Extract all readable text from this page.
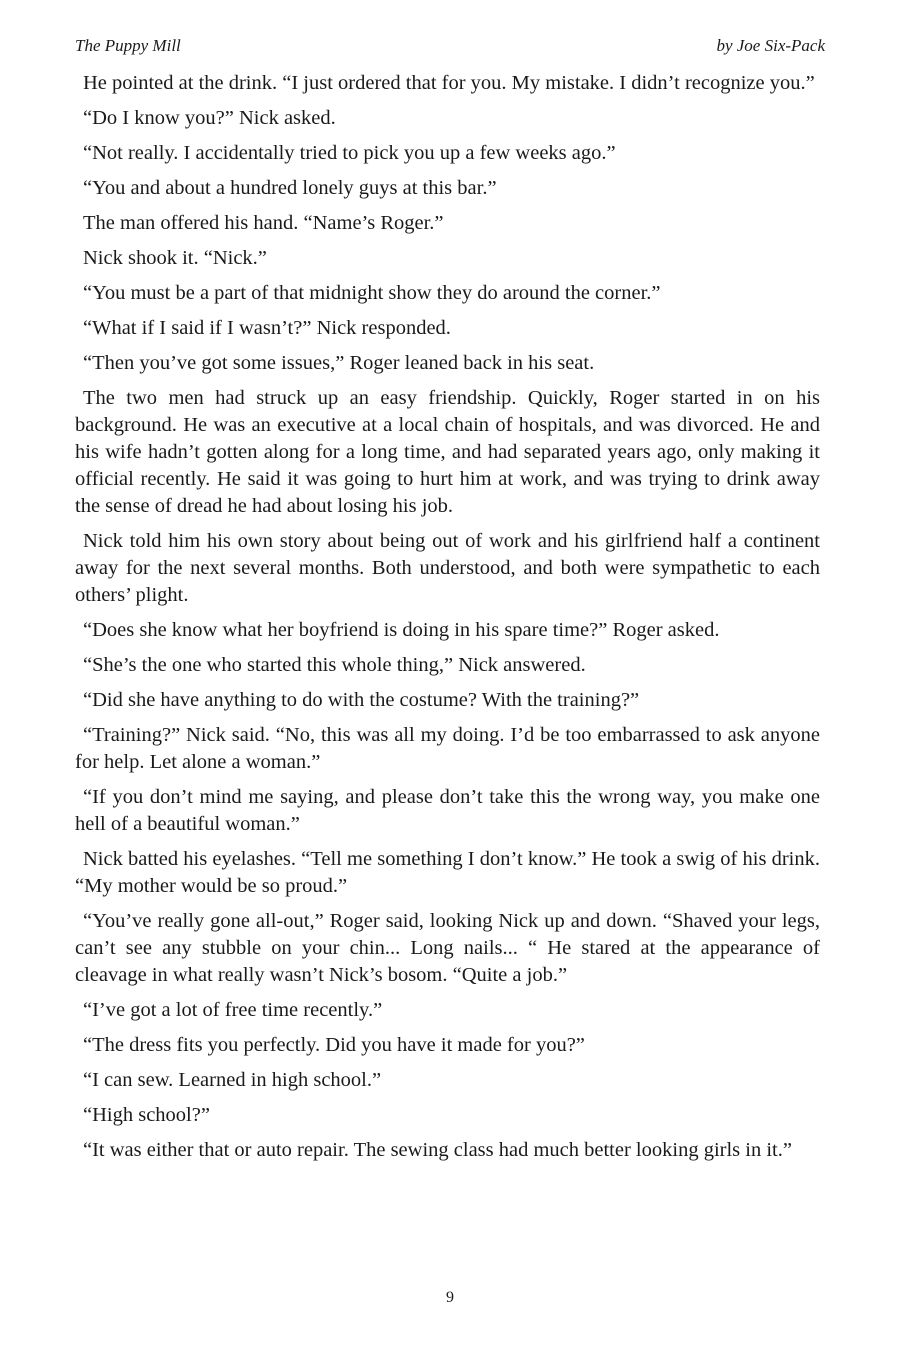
The Puppy Mill	by Joe Six-Pack

He pointed at the drink. “I just ordered that for you. My mistake. I didn’t recognize you.”

“Do I know you?” Nick asked.

“Not really. I accidentally tried to pick you up a few weeks ago.”

“You and about a hundred lonely guys at this bar.”

The man offered his hand. “Name’s Roger.”

Nick shook it. “Nick.”

“You must be a part of that midnight show they do around the corner.”

“What if I said if I wasn’t?” Nick responded.

“Then you’ve got some issues,” Roger leaned back in his seat.

The two men had struck up an easy friendship. Quickly, Roger started in on his background. He was an executive at a local chain of hospitals, and was divorced. He and his wife hadn’t gotten along for a long time, and had separated years ago, only making it official recently. He said it was going to hurt him at work, and was trying to drink away the sense of dread he had about losing his job.

Nick told him his own story about being out of work and his girlfriend half a continent away for the next several months. Both understood, and both were sympathetic to each others’ plight.

“Does she know what her boyfriend is doing in his spare time?” Roger asked.

“She’s the one who started this whole thing,” Nick answered.

“Did she have anything to do with the costume? With the training?”

“Training?” Nick said. “No, this was all my doing. I’d be too embarrassed to ask anyone for help. Let alone a woman.”

“If you don’t mind me saying, and please don’t take this the wrong way, you make one hell of a beautiful woman.”

Nick batted his eyelashes. “Tell me something I don’t know.” He took a swig of his drink. “My mother would be so proud.”

“You’ve really gone all-out,” Roger said, looking Nick up and down. “Shaved your legs, can’t see any stubble on your chin... Long nails... “ He stared at the appearance of cleavage in what really wasn’t Nick’s bosom. “Quite a job.”

“I’ve got a lot of free time recently.”

“The dress fits you perfectly. Did you have it made for you?”

“I can sew. Learned in high school.”

“High school?”

“It was either that or auto repair. The sewing class had much better looking girls in it.”

9
